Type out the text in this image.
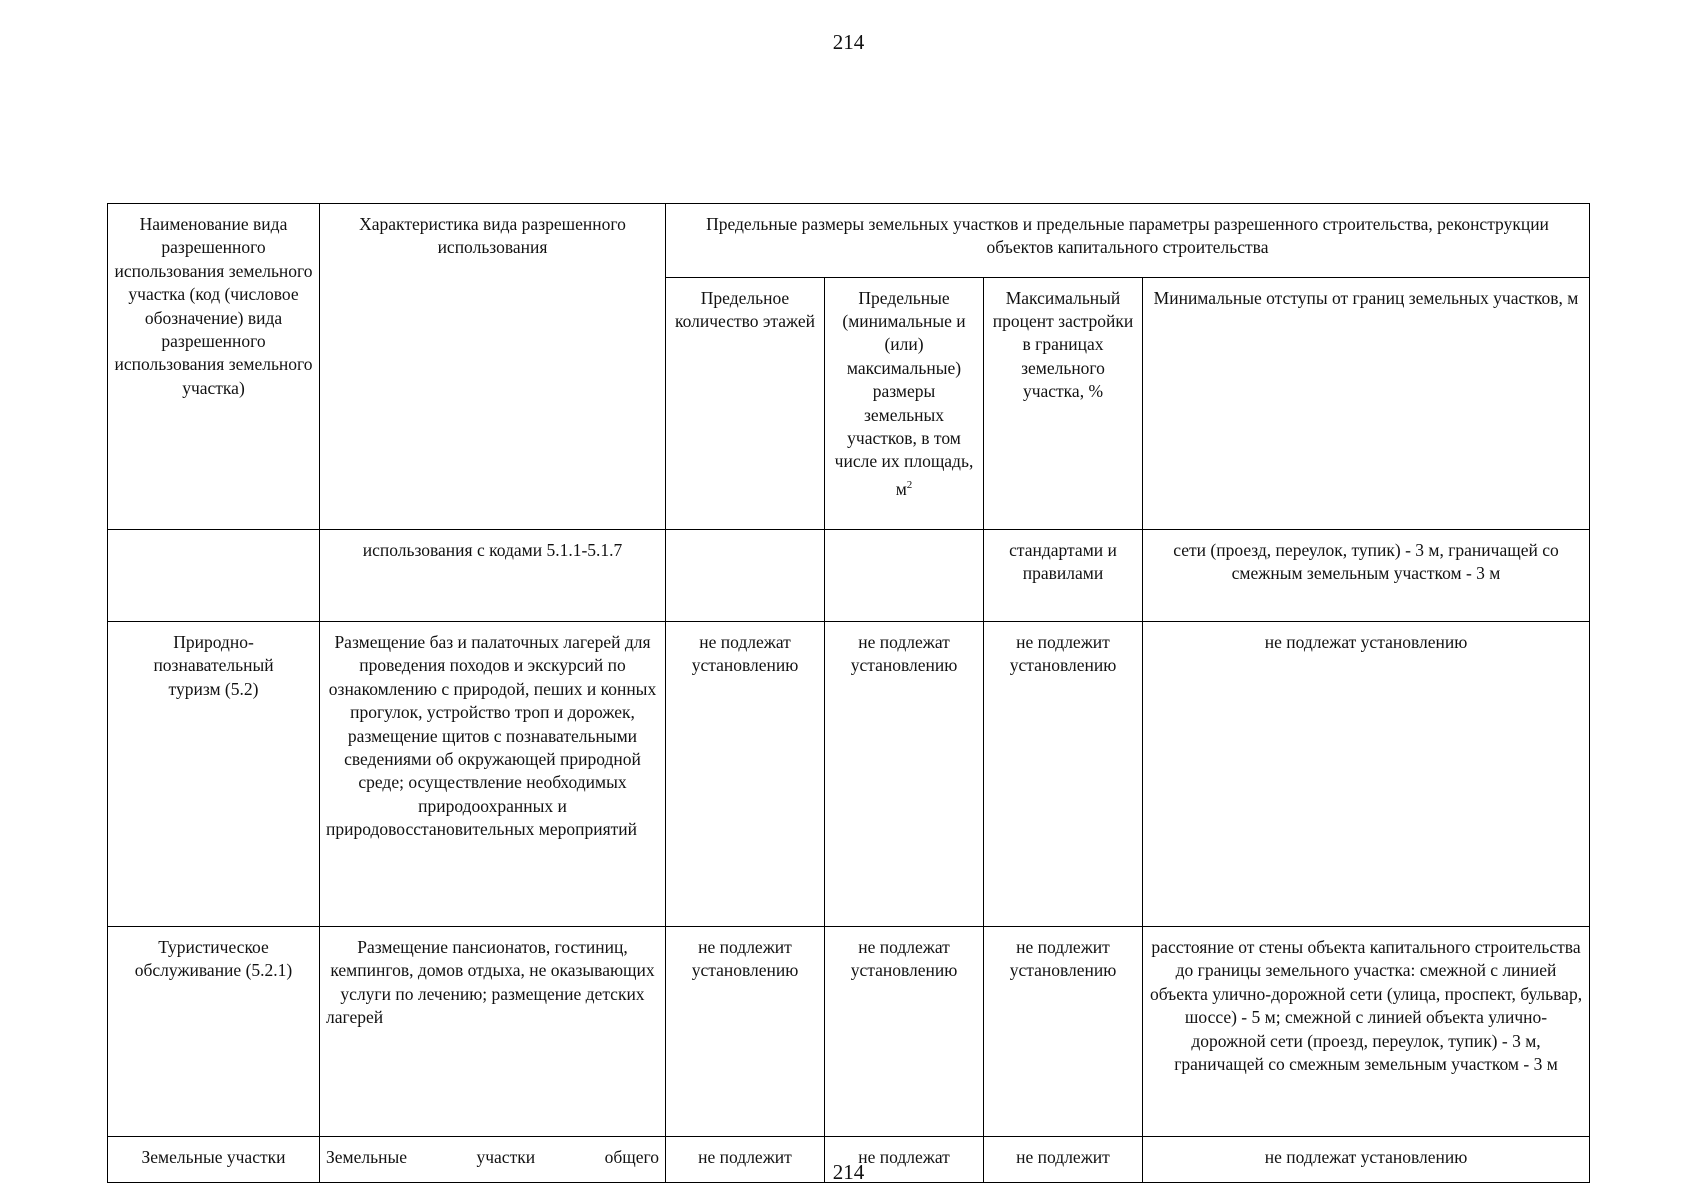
214
Наименование вида разрешенного использования земельного участка (код (числовое обозначение) вида разрешенного использования земельного участка)	Характеристика вида разрешенного использования	Предельные размеры земельных участков и предельные параметры разрешенного строительства, реконструкции объектов капитального строительства			
		Предельное количество этажей	Предельные (минимальные и (или) максимальные) размеры земельных участков, в том числе их площадь, $м^2$	Максимальный процент застройки в границах земельного участка, %	Минимальные отступы от границ земельных участков, м
	использования с кодами 5.1.1-5.1.7			стандартами и правилами	сети (проезд, переулок, тупик) - 3 м, граничащей со смежным земельным участком - 3 м
Природно-познавательный туризм (5.2)	Размещение баз и палаточных лагерей для проведения походов и экскурсий по ознакомлению с природой, пеших и конных прогулок, устройство троп и дорожек, размещение щитов с познавательными сведениями об окружающей природной среде; осуществление необходимых природоохранных и природовосстановительных мероприятий	не подлежат установлению	не подлежат установлению	не подлежит установлению	не подлежат установлению
Туристическое обслуживание (5.2.1)	Размещение пансионатов, гостиниц, кемпингов, домов отдыха, не оказывающих услуги по лечению; размещение детских лагерей	не подлежит установлению	не подлежат установлению	не подлежит установлению	расстояние от стены объекта капитального строительства до границы земельного участка: смежной с линией объекта улично-дорожной сети (улица, проспект, бульвар, шоссе) - 5 м; смежной с линией объекта улично-дорожной сети (проезд, переулок, тупик) - 3 м, граничащей со смежным земельным участком - 3 м
Земельные участки	Земельные участки общего	не подлежит	не подлежат	не подлежит	не подлежат установлению
214
